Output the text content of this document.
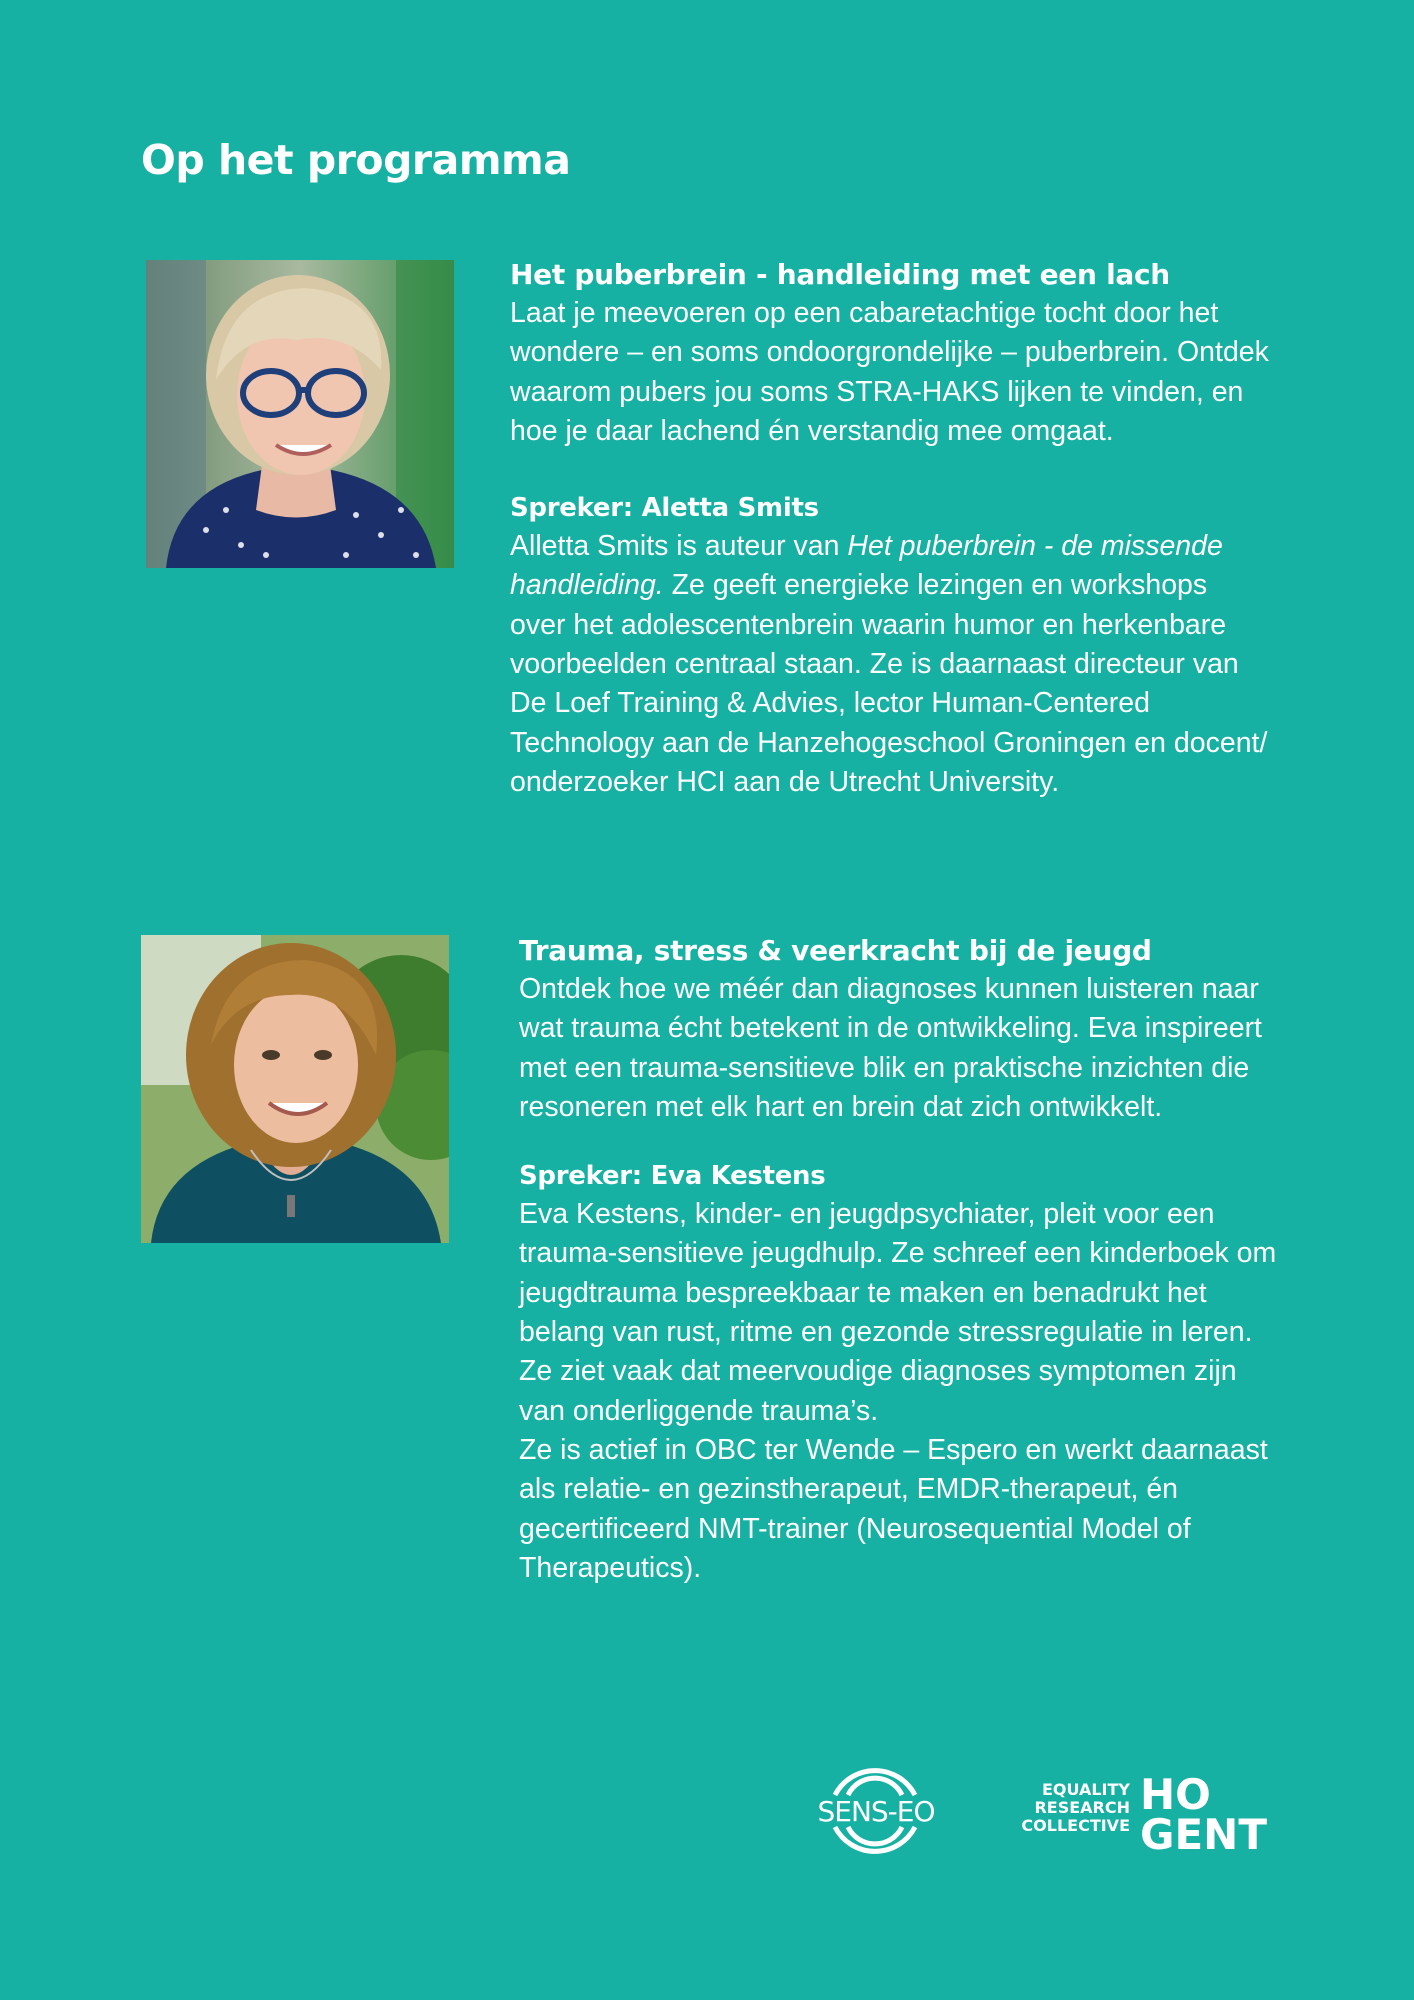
Op het programma

Het puberbrein - handleiding met een lach

Laat je meevoeren op een cabaretachtige tocht door het wondere – en soms ondoorgrondelijke – puberbrein. Ontdek waarom pubers jou soms STRA-HAKS lijken te vinden, en hoe je daar lachend én verstandig mee omgaat.

Spreker: Aletta Smits

Alletta Smits is auteur van Het puberbrein - de missende handleiding. Ze geeft energieke lezingen en workshops over het adolescentenbrein waarin humor en herkenbare voorbeelden centraal staan. Ze is daarnaast directeur van De Loef Training & Advies, lector Human-Centered Technology aan de Hanzehogeschool Groningen en docent/ onderzoeker HCI aan de Utrecht University.

Trauma, stress & veerkracht bij de jeugd

Ontdek hoe we méér dan diagnoses kunnen luisteren naar wat trauma écht betekent in de ontwikkeling. Eva inspireert met een trauma-sensitieve blik en praktische inzichten die resoneren met elk hart en brein dat zich ontwikkelt.

Spreker: Eva Kestens

Eva Kestens, kinder- en jeugdpsychiater, pleit voor een trauma-sensitieve jeugdhulp. Ze schreef een kinderboek om jeugdtrauma bespreekbaar te maken en benadrukt het belang van rust, ritme en gezonde stressregulatie in leren. Ze ziet vaak dat meervoudige diagnoses symptomen zijn van onderliggende trauma’s.

Ze is actief in OBC ter Wende – Espero en werkt daarnaast als relatie- en gezinstherapeut, EMDR-therapeut, én gecertificeerd NMT-trainer (Neurosequential Model of Therapeutics).

SENS-EO
EQUALITY
RESEARCH
COLLECTIVE
HO
GENT
